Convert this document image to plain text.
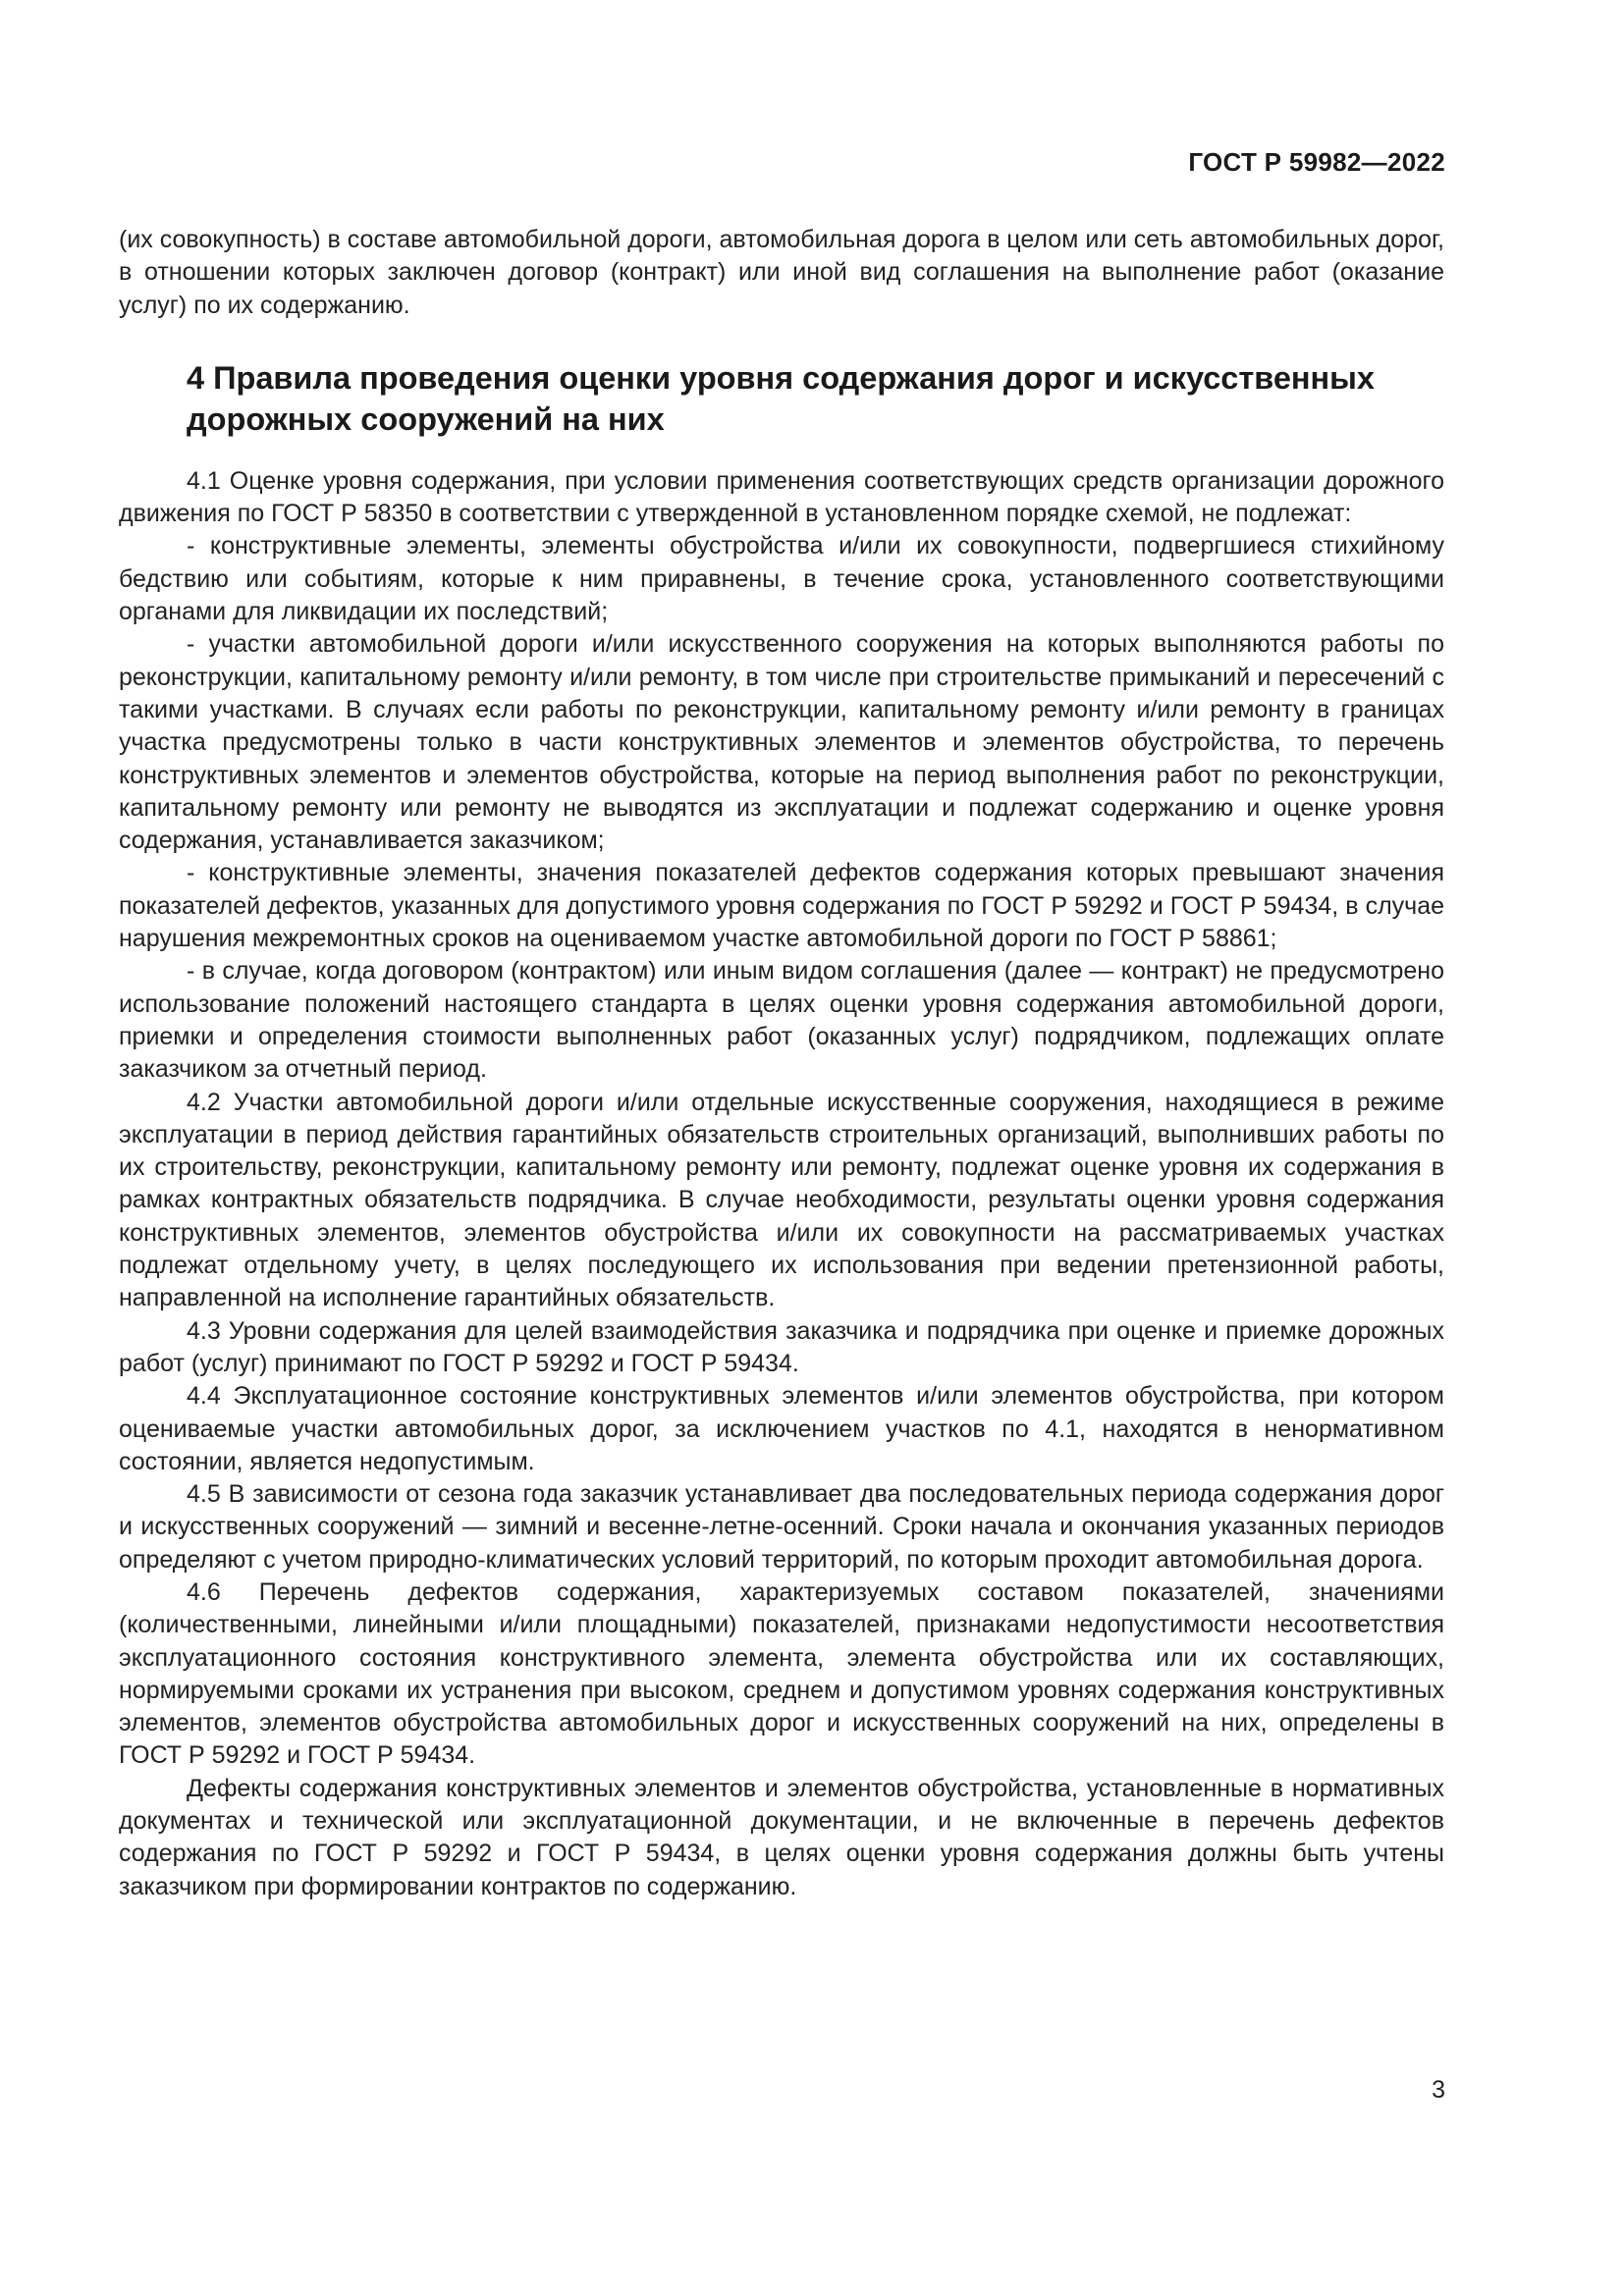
ГОСТ Р 59982—2022

(их совокупность) в составе автомобильной дороги, автомобильная дорога в целом или сеть автомобильных дорог, в отношении которых заключен договор (контракт) или иной вид соглашения на выполнение работ (оказание услуг) по их содержанию.

4 Правила проведения оценки уровня содержания дорог и искусственных дорожных сооружений на них

4.1 Оценке уровня содержания, при условии применения соответствующих средств организации дорожного движения по ГОСТ Р 58350 в соответствии с утвержденной в установленном порядке схемой, не подлежат:

- конструктивные элементы, элементы обустройства и/или их совокупности, подвергшиеся стихийному бедствию или событиям, которые к ним приравнены, в течение срока, установленного соответствующими органами для ликвидации их последствий;

- участки автомобильной дороги и/или искусственного сооружения на которых выполняются работы по реконструкции, капитальному ремонту и/или ремонту, в том числе при строительстве примыканий и пересечений с такими участками. В случаях если работы по реконструкции, капитальному ремонту и/или ремонту в границах участка предусмотрены только в части конструктивных элементов и элементов обустройства, то перечень конструктивных элементов и элементов обустройства, которые на период выполнения работ по реконструкции, капитальному ремонту или ремонту не выводятся из эксплуатации и подлежат содержанию и оценке уровня содержания, устанавливается заказчиком;

- конструктивные элементы, значения показателей дефектов содержания которых превышают значения показателей дефектов, указанных для допустимого уровня содержания по ГОСТ Р 59292 и ГОСТ Р 59434, в случае нарушения межремонтных сроков на оцениваемом участке автомобильной дороги по ГОСТ Р 58861;

- в случае, когда договором (контрактом) или иным видом соглашения (далее — контракт) не предусмотрено использование положений настоящего стандарта в целях оценки уровня содержания автомобильной дороги, приемки и определения стоимости выполненных работ (оказанных услуг) подрядчиком, подлежащих оплате заказчиком за отчетный период.

4.2 Участки автомобильной дороги и/или отдельные искусственные сооружения, находящиеся в режиме эксплуатации в период действия гарантийных обязательств строительных организаций, выполнивших работы по их строительству, реконструкции, капитальному ремонту или ремонту, подлежат оценке уровня их содержания в рамках контрактных обязательств подрядчика. В случае необходимости, результаты оценки уровня содержания конструктивных элементов, элементов обустройства и/или их совокупности на рассматриваемых участках подлежат отдельному учету, в целях последующего их использования при ведении претензионной работы, направленной на исполнение гарантийных обязательств.

4.3 Уровни содержания для целей взаимодействия заказчика и подрядчика при оценке и приемке дорожных работ (услуг) принимают по ГОСТ Р 59292 и ГОСТ Р 59434.

4.4 Эксплуатационное состояние конструктивных элементов и/или элементов обустройства, при котором оцениваемые участки автомобильных дорог, за исключением участков по 4.1, находятся в ненормативном состоянии, является недопустимым.

4.5 В зависимости от сезона года заказчик устанавливает два последовательных периода содержания дорог и искусственных сооружений — зимний и весенне-летне-осенний. Сроки начала и окончания указанных периодов определяют с учетом природно-климатических условий территорий, по которым проходит автомобильная дорога.

4.6 Перечень дефектов содержания, характеризуемых составом показателей, значениями (количественными, линейными и/или площадными) показателей, признаками недопустимости несоответствия эксплуатационного состояния конструктивного элемента, элемента обустройства или их составляющих, нормируемыми сроками их устранения при высоком, среднем и допустимом уровнях содержания конструктивных элементов, элементов обустройства автомобильных дорог и искусственных сооружений на них, определены в ГОСТ Р 59292 и ГОСТ Р 59434.

Дефекты содержания конструктивных элементов и элементов обустройства, установленные в нормативных документах и технической или эксплуатационной документации, и не включенные в перечень дефектов содержания по ГОСТ Р 59292 и ГОСТ Р 59434, в целях оценки уровня содержания должны быть учтены заказчиком при формировании контрактов по содержанию.

3
